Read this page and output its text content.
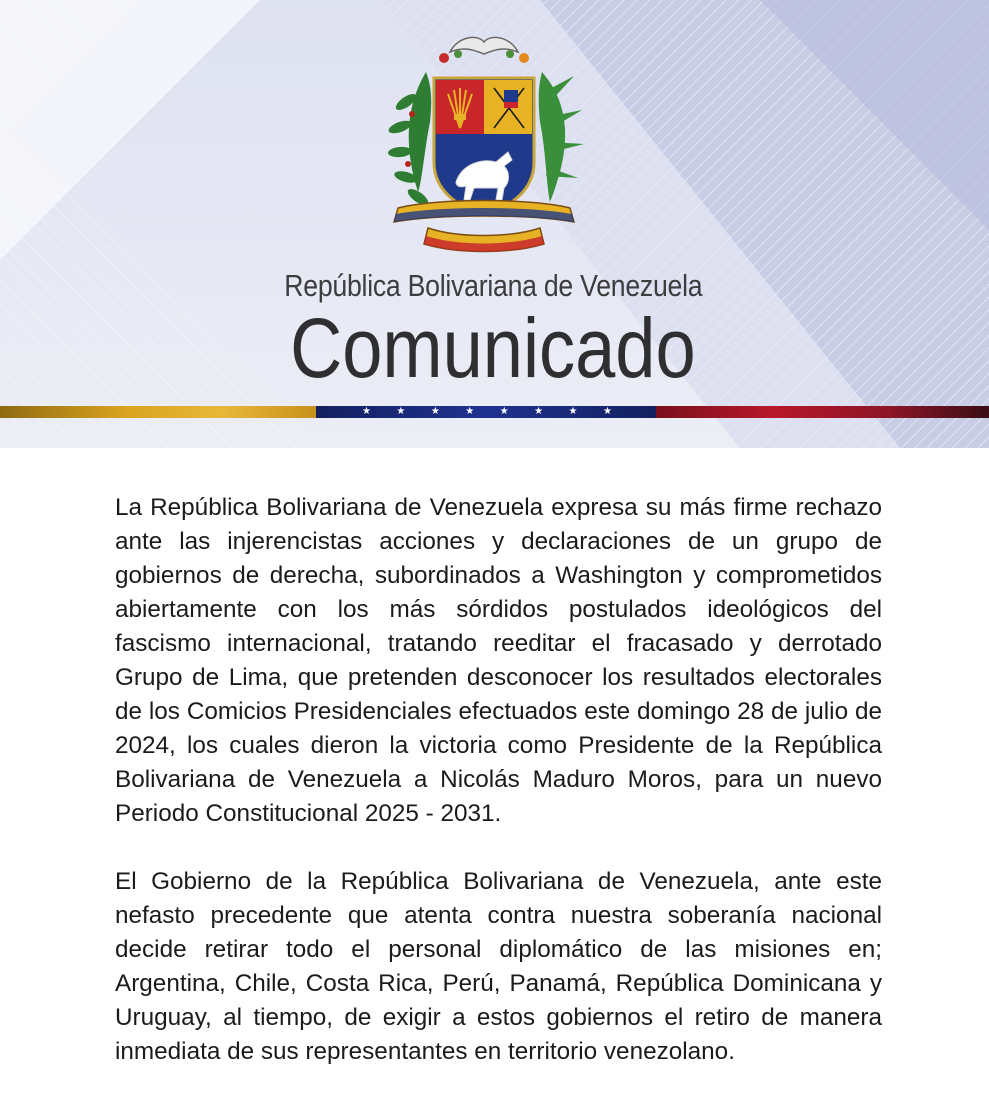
República Bolivariana de Venezuela
Comunicado
★	★	★	★	★	★	★	★

La República Bolivariana de Venezuela expresa su más firme rechazo ante las injerencistas acciones y declaraciones de un grupo de gobiernos de derecha, subordinados a Washington y comprometidos abiertamente con los más sórdidos postulados ideológicos del fascismo internacional, tratando reeditar el fracasado y derrotado Grupo de Lima, que pretenden desconocer los resultados electorales de los Comicios Presidenciales efectuados este domingo 28 de julio de 2024, los cuales dieron la victoria como Presidente de la República Bolivariana de Venezuela a Nicolás Maduro Moros, para un nuevo Periodo Constitucional 2025 - 2031.

El Gobierno de la República Bolivariana de Venezuela, ante este nefasto precedente que atenta contra nuestra soberanía nacional decide retirar todo el personal diplomático de las misiones en; Argentina, Chile, Costa Rica, Perú, Panamá, República Dominicana y Uruguay, al tiempo, de exigir a estos gobiernos el retiro de manera inmediata de sus representantes en territorio venezolano.
